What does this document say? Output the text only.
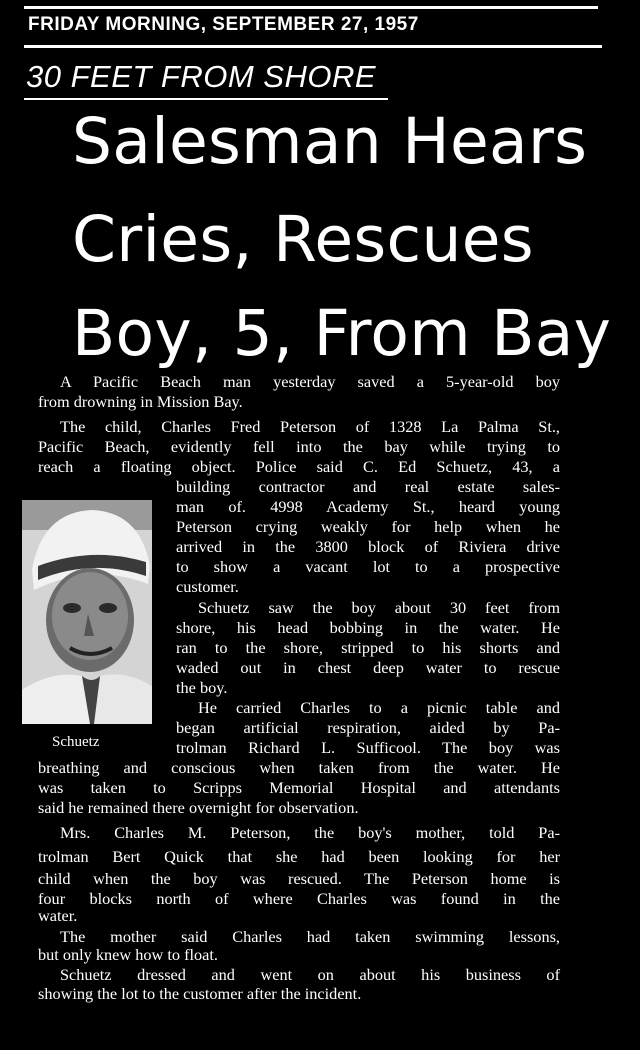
FRIDAY MORNING, SEPTEMBER 27, 1957
30 FEET FROM SHORE
Salesman Hears
Cries, Rescues
Boy, 5, From Bay
A Pacific Beach man yesterday saved a 5-year-old boy
from drowning in Mission Bay.
The child, Charles Fred Peterson of 1328 La Palma St.,
Pacific Beach, evidently fell into the bay while trying to
reach a floating object. Police said C. Ed Schuetz, 43, a
building contractor and real estate sales-
man of. 4998 Academy St., heard young
Peterson crying weakly for help when he
arrived in the 3800 block of Riviera drive
to show a vacant lot to a prospective
customer.
Schuetz saw the boy about 30 feet from
shore, his head bobbing in the water. He
ran to the shore, stripped to his shorts and
waded out in chest deep water to rescue
the boy.
He carried Charles to a picnic table and
began artificial respiration, aided by Pa-
trolman Richard L. Sufficool. The boy was
breathing and conscious when taken from the water. He
was taken to Scripps Memorial Hospital and attendants
said he remained there overnight for observation.
Mrs. Charles M. Peterson, the boy's mother, told Pa-
trolman Bert Quick that she had been looking for her
child when the boy was rescued. The Peterson home is
four blocks north of where Charles was found in the
water.
The mother said Charles had taken swimming lessons,
but only knew how to float.
Schuetz dressed and went on about his business of
showing the lot to the customer after the incident.
Schuetz
